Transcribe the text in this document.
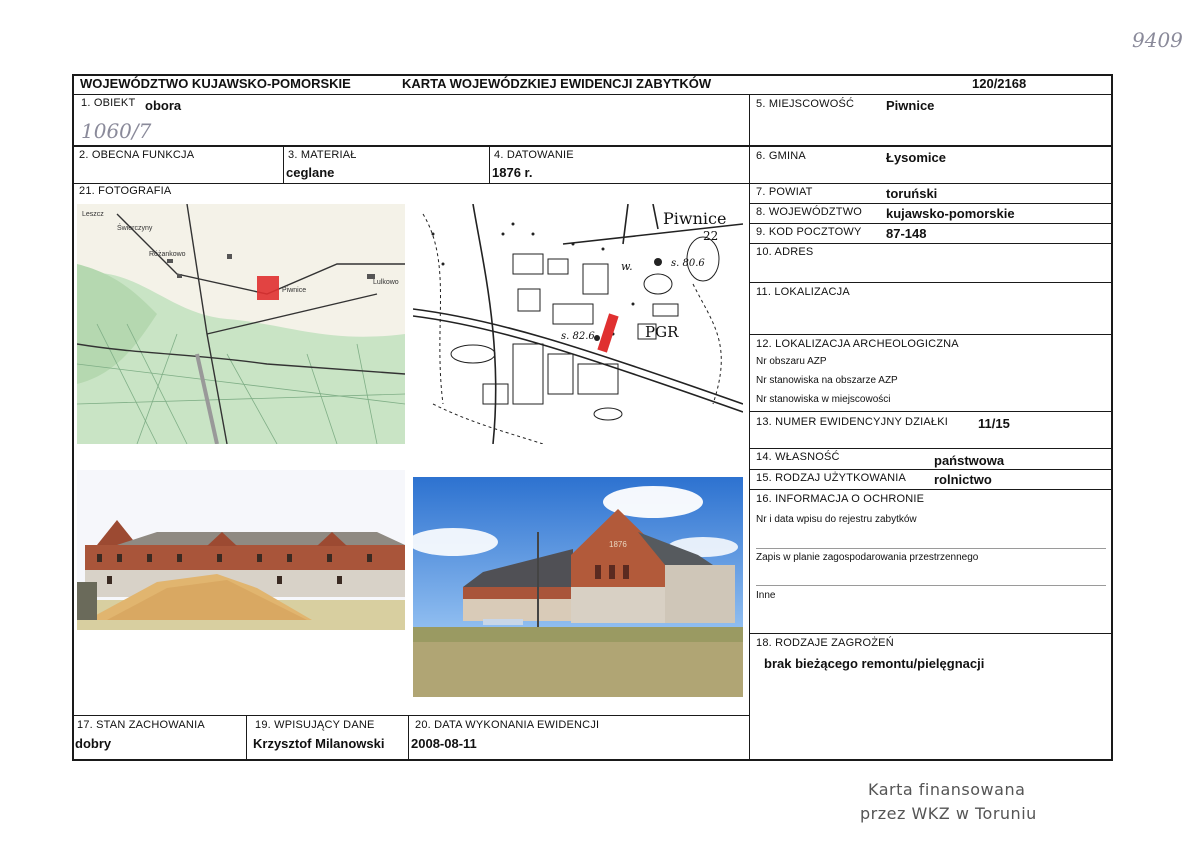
9409
WOJEWÓDZTWO KUJAWSKO-POMORSKIE	KARTA WOJEWÓDZKIEJ EWIDENCJI ZABYTKÓW	120/2168
1. OBIEKT obora
1060/7
2. OBECNA FUNKCJA	3. MATERIAŁ
ceglane
4. DATOWANIE
1876 r.
21. FOTOGRAFIA
Leszcz
Świerczyny
Różankowo
Piwnice
Lulkowo
Piwnice
22
s. 80.6
w.
s. 82.6	PGR
1876
17. STAN ZACHOWANIA
dobry
19. WPISUJĄCY DANE
Krzysztof Milanowski
20. DATA WYKONANIA EWIDENCJI
2008-08-11
5. MIEJSCOWOŚĆ Piwnice
6. GMINA	Łysomice
7. POWIAT	toruński
8. WOJEWÓDZTWO kujawsko-pomorskie
9. KOD POCZTOWY 87-148
10. ADRES
11. LOKALIZACJA
12. LOKALIZACJA ARCHEOLOGICZNA
Nr obszaru AZP
Nr stanowiska na obszarze AZP
Nr stanowiska w miejscowości
13. NUMER EWIDENCYJNY DZIAŁKI 11/15
14. WŁASNOŚĆ	państwowa
15. RODZAJ UŻYTKOWANIA rolnictwo
16. INFORMACJA O OCHRONIE
Nr i data wpisu do rejestru zabytków
Zapis w planie zagospodarowania przestrzennego
Inne
18. RODZAJE ZAGROŻEŃ
brak bieżącego remontu/pielęgnacji
Karta finansowana
przez WKZ w Toruniu
